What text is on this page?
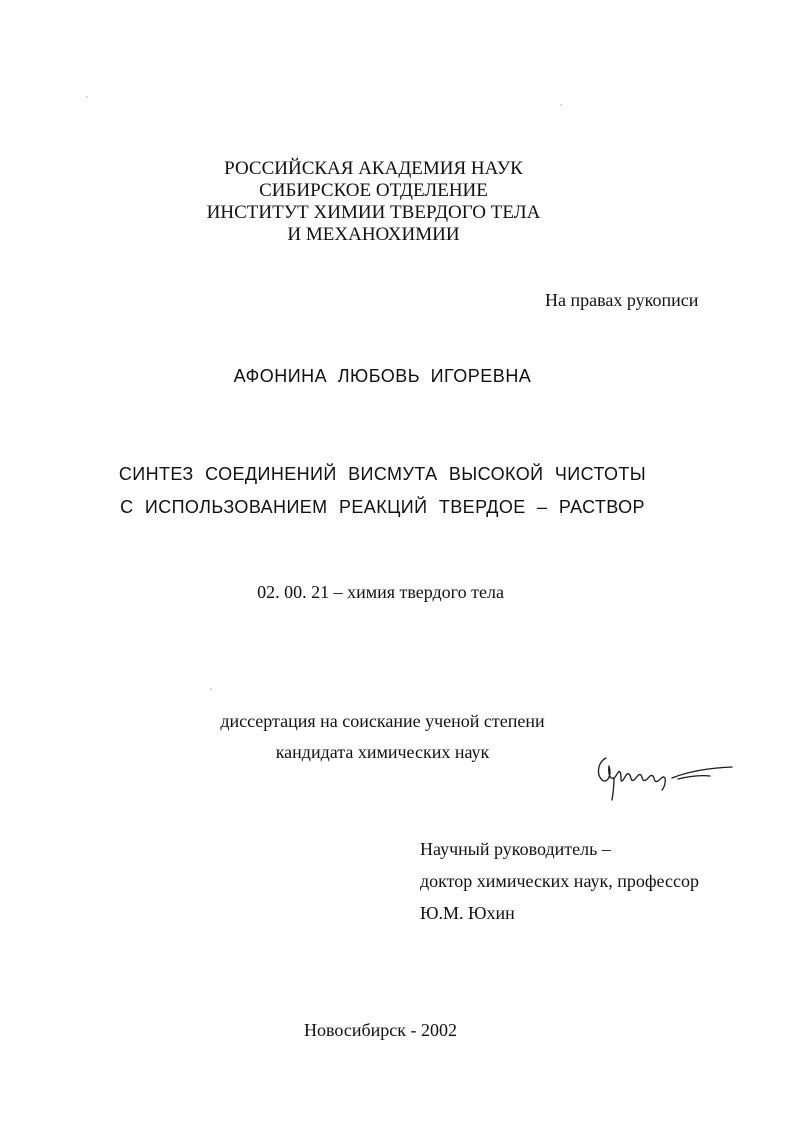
РОССИЙСКАЯ АКАДЕМИЯ НАУК
СИБИРСКОЕ ОТДЕЛЕНИЕ
ИНСТИТУТ ХИМИИ ТВЕРДОГО ТЕЛА
И МЕХАНОХИМИИ
На правах рукописи
АФОНИНА ЛЮБОВЬ ИГОРЕВНА
СИНТЕЗ СОЕДИНЕНИЙ ВИСМУТА ВЫСОКОЙ ЧИСТОТЫ
С ИСПОЛЬЗОВАНИЕМ РЕАКЦИЙ ТВЕРДОЕ – РАСТВОР
02. 00. 21 – химия твердого тела
диссертация на соискание ученой степени
кандидата химических наук
Научный руководитель –
доктор химических наук, профессор
Ю.М. Юхин
Новосибирск - 2002
